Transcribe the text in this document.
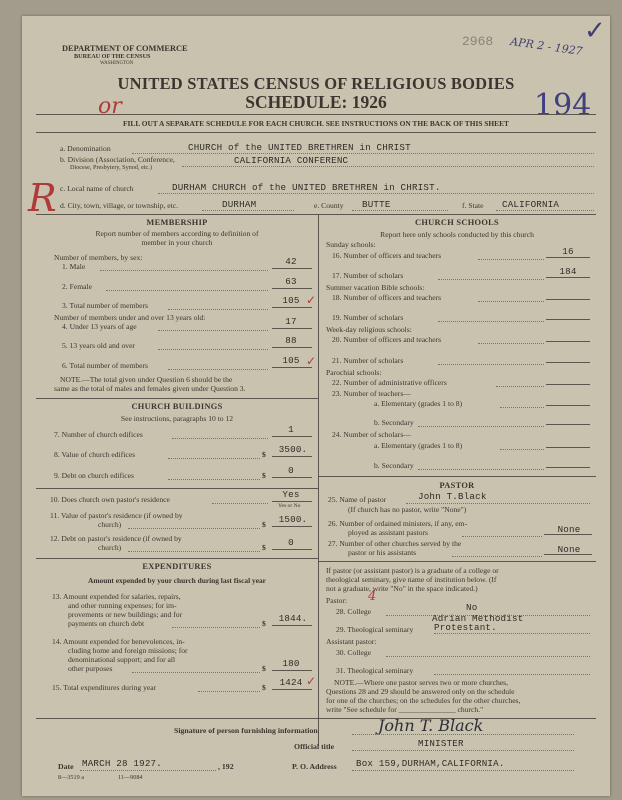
DEPARTMENT OF COMMERCE
BUREAU OF THE CENSUS
WASHINGTON
2968 APR 2 - 1927
✓
UNITED STATES CENSUS OF RELIGIOUS BODIES
SCHEDULE: 1926
or	194
FILL OUT A SEPARATE SCHEDULE FOR EACH CHURCH. SEE INSTRUCTIONS ON THE BACK OF THIS SHEET
a. Denomination	CHURCH of the UNITED BRETHREN in CHRIST
b. Division (Association, Conference,
Diocese, Presbytery, Synod, etc.)
CALIFORNIA CONFERENC
R c. Local name of church	DURHAM CHURCH of the UNITED BRETHREN in CHRIST.
d. City, town, village, or township, etc.	DURHAM	e. County BUTTE	f. State CALIFORNIA
MEMBERSHIP
Report number of members according to definition of
member in your church
Number of members, by sex:
1. Male	42
2. Female	63
3. Total number of members	105 ✓
Number of members under and over 13 years old:
4. Under 13 years of age	17
5. 13 years old and over	88
6. Total number of members	105 ✓
NOTE.—The total given under Question 6 should be the
same as the total of males and females given under Question 3.
CHURCH BUILDINGS
See instructions, paragraphs 10 to 12
7. Number of church edifices	1
8. Value of church edifices	$	3500.
9. Debt on church edifices	$	0
10. Does church own pastor's residence	Yes
Yes or No
11. Value of pastor's residence (if owned by
church)	$	1500.
12. Debt on pastor's residence (if owned by
church)	$	0
EXPENDITURES
Amount expended by your church during last fiscal year
13. Amount expended for salaries, repairs,
and other running expenses; for im-
provements or new buildings; and for
payments on church debt	$	1844.
14. Amount expended for benevolences, in-
cluding home and foreign missions; for
denominational support; and for all
other purposes	$	180
15. Total expenditures during year	$	1424 ✓
CHURCH SCHOOLS
Report here only schools conducted by this church
Sunday schools:
16. Number of officers and teachers	16
17. Number of scholars	184
Summer vacation Bible schools:
18. Number of officers and teachers
19. Number of scholars
Week-day religious schools:
20. Number of officers and teachers
21. Number of scholars
Parochial schools:
22. Number of administrative officers
23. Number of teachers—
a. Elementary (grades 1 to 8)
b. Secondary
24. Number of scholars—
a. Elementary (grades 1 to 8)
b. Secondary
PASTOR
25. Name of pastor	John T.Black
(If church has no pastor, write "None")
26. Number of ordained ministers, if any, em-
ployed as assistant pastors	None
27. Number of other churches served by the
pastor or his assistants	None
If pastor (or assistant pastor) is a graduate of a college or
theological seminary, give name of institution below. (If
not a graduate, write "No" in the space indicated.)
Pastor: 4
28. College	No
Adrian Methodist
29. Theological seminary Protestant.
Assistant pastor:
30. College
31. Theological seminary
NOTE.—Where one pastor serves two or more churches,
Questions 28 and 29 should be answered only on the schedule
for one of the churches; on the schedules for the other churches,
write "See schedule for _______________ church."
Signature of person furnishing information	John T. Black
Official title	MINISTER
Date MARCH 28 1927.	, 192	P. O. Address Box 159,DURHAM,CALIFORNIA.
8—3519 a	11—9084
